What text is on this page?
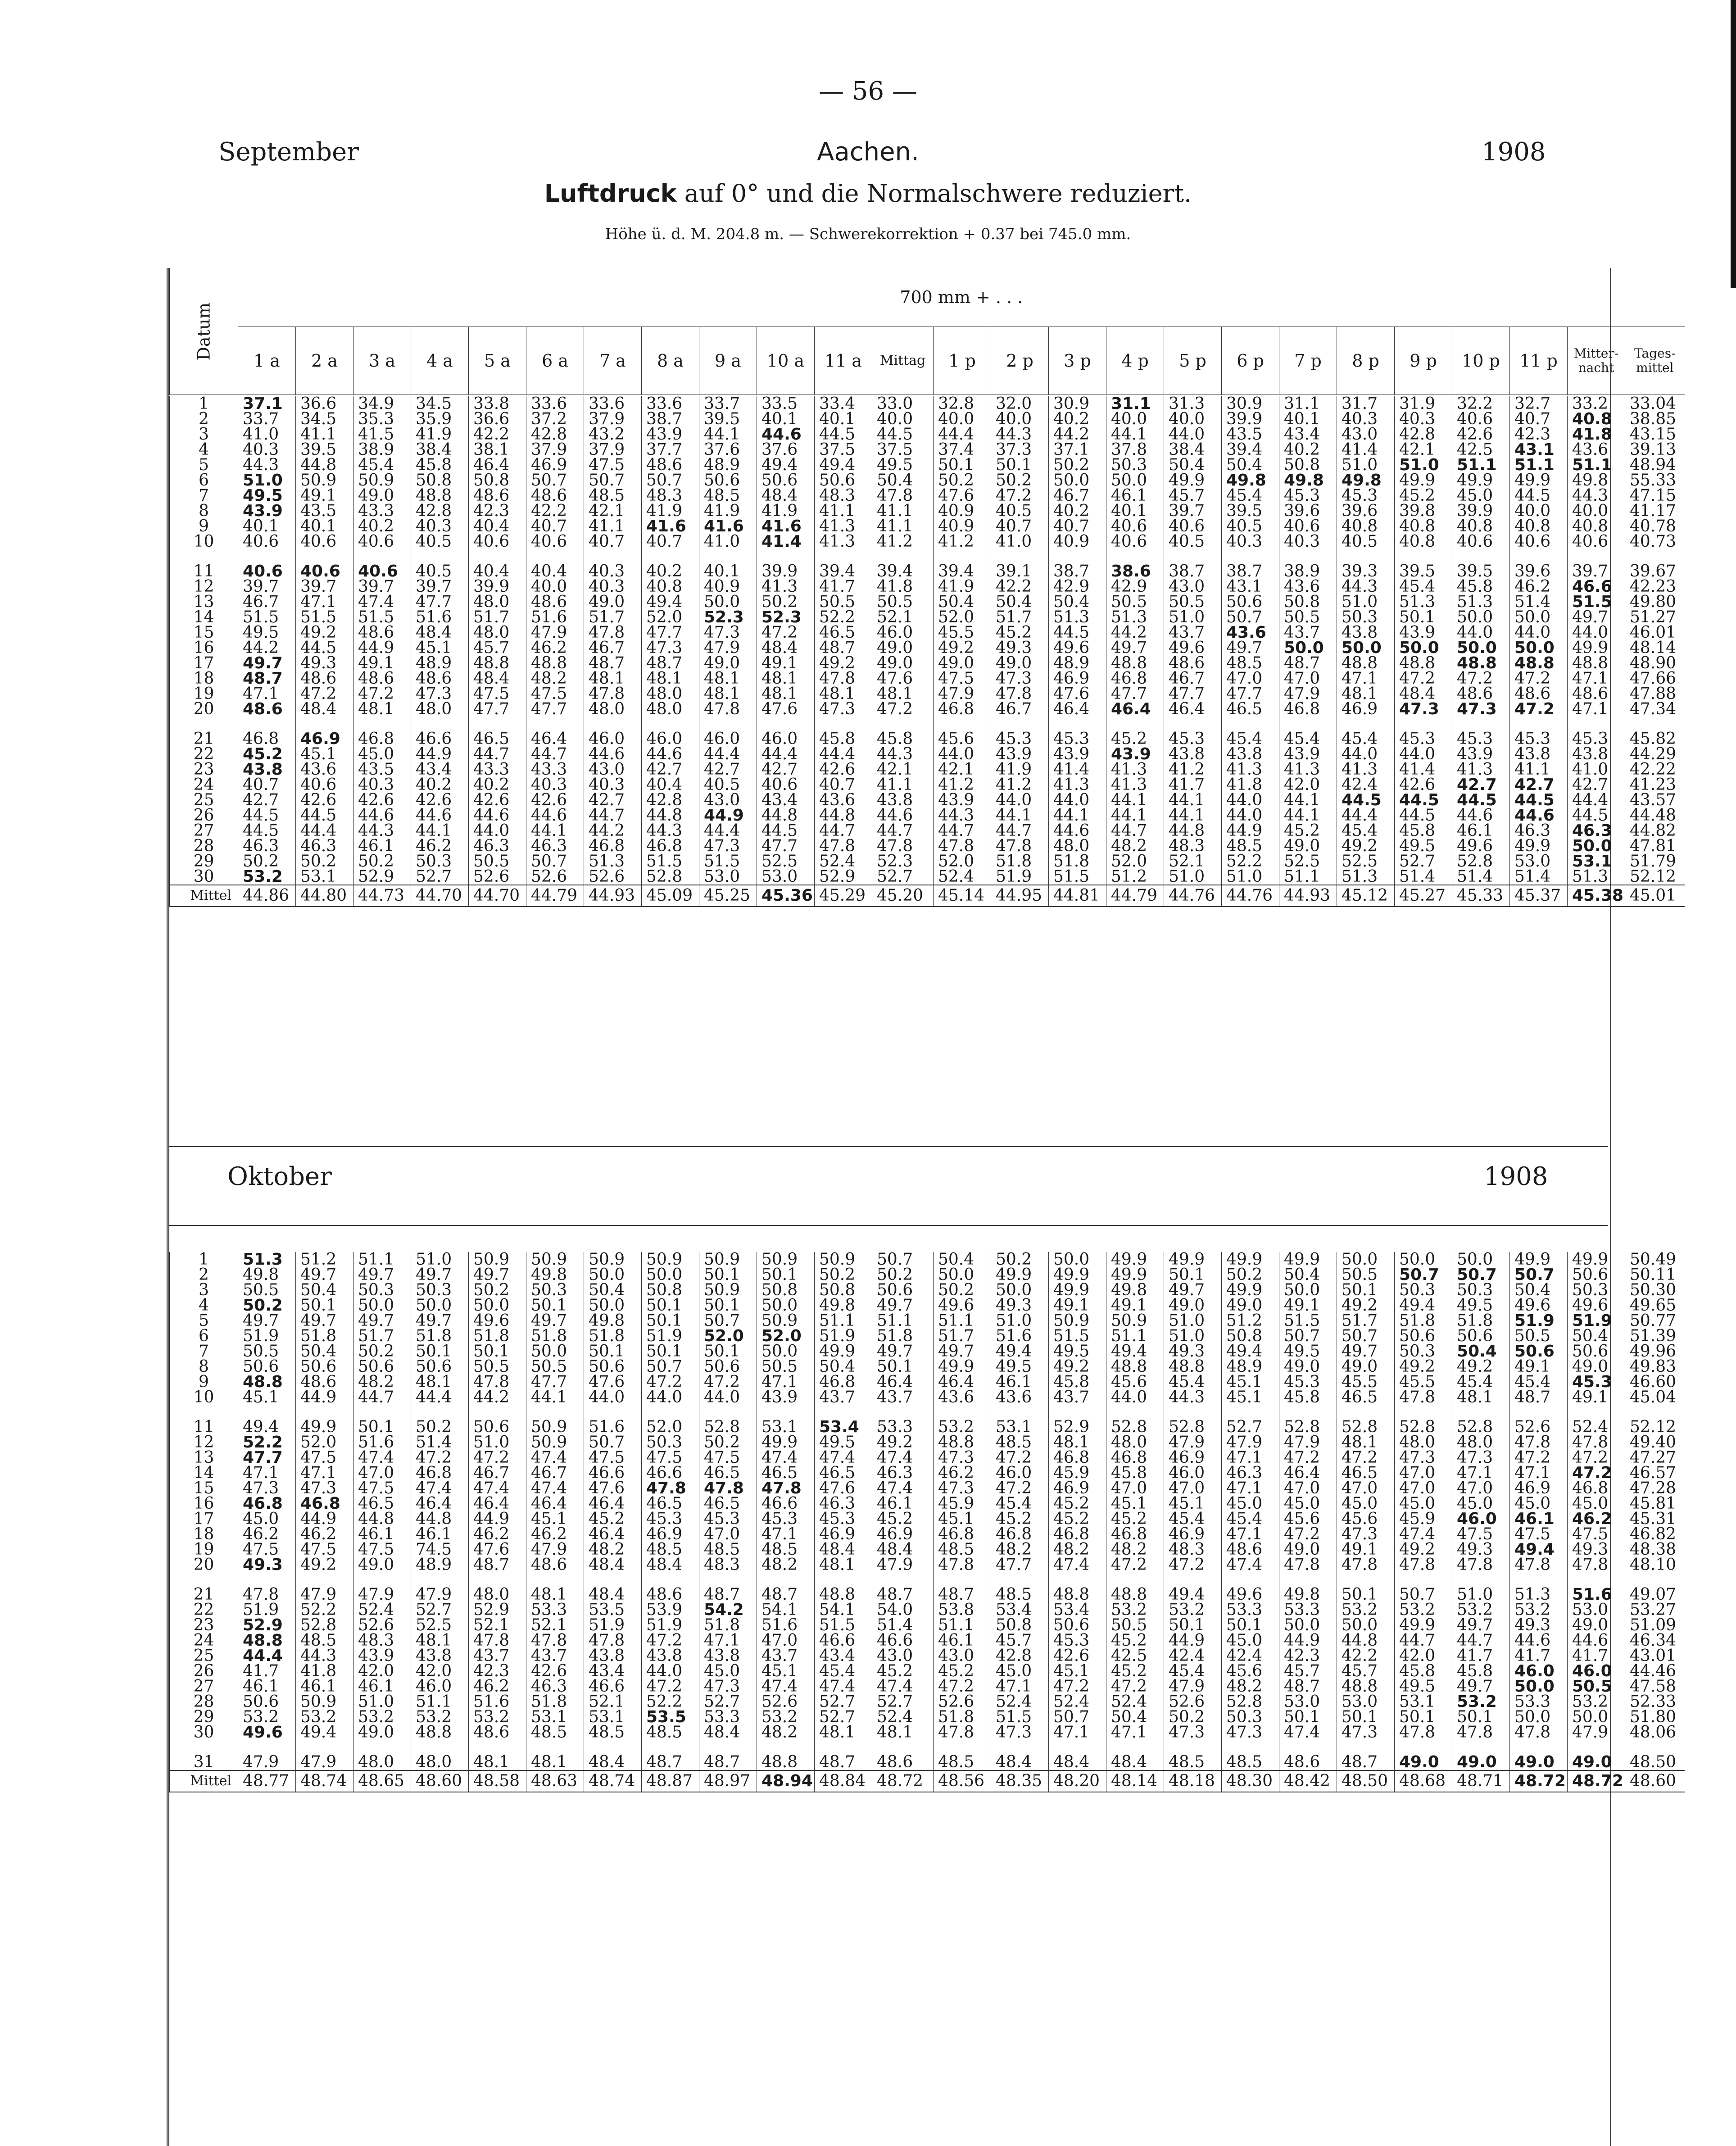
— 56 —
September	Aachen.	1908
Luftdruck auf 0° und die Normalschwere reduziert.
Höhe ü. d. M. 204.8 m. — Schwerekorrektion + 0.37 bei 745.0 mm.
Datum	700 mm + . . .																								
	1 a	2 a	3 a	4 a	5 a	6 a	7 a	8 a	9 a	10 a	11 a	Mittag	1 p	2 p	3 p	4 p	5 p	6 p	7 p	8 p	9 p	10 p	11 p	Mitter-nacht	Tages-mittel
1	37.1	36.6	34.9	34.5	33.8	33.6	33.6	33.6	33.7	33.5	33.4	33.0	32.8	32.0	30.9	31.1	31.3	30.9	31.1	31.7	31.9	32.2	32.7	33.2	33.04
2	33.7	34.5	35.3	35.9	36.6	37.2	37.9	38.7	39.5	40.1	40.1	40.0	40.0	40.0	40.2	40.0	40.0	39.9	40.1	40.3	40.3	40.6	40.7	40.8	38.85
3	41.0	41.1	41.5	41.9	42.2	42.8	43.2	43.9	44.1	44.6	44.5	44.5	44.4	44.3	44.2	44.1	44.0	43.5	43.4	43.0	42.8	42.6	42.3	41.8	43.15
4	40.3	39.5	38.9	38.4	38.1	37.9	37.9	37.7	37.6	37.6	37.5	37.5	37.4	37.3	37.1	37.8	38.4	39.4	40.2	41.4	42.1	42.5	43.1	43.6	39.13
5	44.3	44.8	45.4	45.8	46.4	46.9	47.5	48.6	48.9	49.4	49.4	49.5	50.1	50.1	50.2	50.3	50.4	50.4	50.8	51.0	51.0	51.1	51.1	51.1	48.94
6	51.0	50.9	50.9	50.8	50.8	50.7	50.7	50.7	50.6	50.6	50.6	50.4	50.2	50.2	50.0	50.0	49.9	49.8	49.8	49.8	49.9	49.9	49.9	49.8	55.33
7	49.5	49.1	49.0	48.8	48.6	48.6	48.5	48.3	48.5	48.4	48.3	47.8	47.6	47.2	46.7	46.1	45.7	45.4	45.3	45.3	45.2	45.0	44.5	44.3	47.15
8	43.9	43.5	43.3	42.8	42.3	42.2	42.1	41.9	41.9	41.9	41.1	41.1	40.9	40.5	40.2	40.1	39.7	39.5	39.6	39.6	39.8	39.9	40.0	40.0	41.17
9	40.1	40.1	40.2	40.3	40.4	40.7	41.1	41.6	41.6	41.6	41.3	41.1	40.9	40.7	40.7	40.6	40.6	40.5	40.6	40.8	40.8	40.8	40.8	40.8	40.78
10	40.6	40.6	40.6	40.5	40.6	40.6	40.7	40.7	41.0	41.4	41.3	41.2	41.2	41.0	40.9	40.6	40.5	40.3	40.3	40.5	40.8	40.6	40.6	40.6	40.73
11	40.6	40.6	40.6	40.5	40.4	40.4	40.3	40.2	40.1	39.9	39.4	39.4	39.4	39.1	38.7	38.6	38.7	38.7	38.9	39.3	39.5	39.5	39.6	39.7	39.67
12	39.7	39.7	39.7	39.7	39.9	40.0	40.3	40.8	40.9	41.3	41.7	41.8	41.9	42.2	42.9	42.9	43.0	43.1	43.6	44.3	45.4	45.8	46.2	46.6	42.23
13	46.7	47.1	47.4	47.7	48.0	48.6	49.0	49.4	50.0	50.2	50.5	50.5	50.4	50.4	50.4	50.5	50.5	50.6	50.8	51.0	51.3	51.3	51.4	51.5	49.80
14	51.5	51.5	51.5	51.6	51.7	51.6	51.7	52.0	52.3	52.3	52.2	52.1	52.0	51.7	51.3	51.3	51.0	50.7	50.5	50.3	50.1	50.0	50.0	49.7	51.27
15	49.5	49.2	48.6	48.4	48.0	47.9	47.8	47.7	47.3	47.2	46.5	46.0	45.5	45.2	44.5	44.2	43.7	43.6	43.7	43.8	43.9	44.0	44.0	44.0	46.01
16	44.2	44.5	44.9	45.1	45.7	46.2	46.7	47.3	47.9	48.4	48.7	49.0	49.2	49.3	49.6	49.7	49.6	49.7	50.0	50.0	50.0	50.0	50.0	49.9	48.14
17	49.7	49.3	49.1	48.9	48.8	48.8	48.7	48.7	49.0	49.1	49.2	49.0	49.0	49.0	48.9	48.8	48.6	48.5	48.7	48.8	48.8	48.8	48.8	48.8	48.90
18	48.7	48.6	48.6	48.6	48.4	48.2	48.1	48.1	48.1	48.1	47.8	47.6	47.5	47.3	46.9	46.8	46.7	47.0	47.0	47.1	47.2	47.2	47.2	47.1	47.66
19	47.1	47.2	47.2	47.3	47.5	47.5	47.8	48.0	48.1	48.1	48.1	48.1	47.9	47.8	47.6	47.7	47.7	47.7	47.9	48.1	48.4	48.6	48.6	48.6	47.88
20	48.6	48.4	48.1	48.0	47.7	47.7	48.0	48.0	47.8	47.6	47.3	47.2	46.8	46.7	46.4	46.4	46.4	46.5	46.8	46.9	47.3	47.3	47.2	47.1	47.34
21	46.8	46.9	46.8	46.6	46.5	46.4	46.0	46.0	46.0	46.0	45.8	45.8	45.6	45.3	45.3	45.2	45.3	45.4	45.4	45.4	45.3	45.3	45.3	45.3	45.82
22	45.2	45.1	45.0	44.9	44.7	44.7	44.6	44.6	44.4	44.4	44.4	44.3	44.0	43.9	43.9	43.9	43.8	43.8	43.9	44.0	44.0	43.9	43.8	43.8	44.29
23	43.8	43.6	43.5	43.4	43.3	43.3	43.0	42.7	42.7	42.7	42.6	42.1	42.1	41.9	41.4	41.3	41.2	41.3	41.3	41.3	41.4	41.3	41.1	41.0	42.22
24	40.7	40.6	40.3	40.2	40.2	40.3	40.3	40.4	40.5	40.6	40.7	41.1	41.2	41.2	41.3	41.3	41.7	41.8	42.0	42.4	42.6	42.7	42.7	42.7	41.23
25	42.7	42.6	42.6	42.6	42.6	42.6	42.7	42.8	43.0	43.4	43.6	43.8	43.9	44.0	44.0	44.1	44.1	44.0	44.1	44.5	44.5	44.5	44.5	44.4	43.57
26	44.5	44.5	44.6	44.6	44.6	44.6	44.7	44.8	44.9	44.8	44.8	44.6	44.3	44.1	44.1	44.1	44.1	44.0	44.1	44.4	44.5	44.6	44.6	44.5	44.48
27	44.5	44.4	44.3	44.1	44.0	44.1	44.2	44.3	44.4	44.5	44.7	44.7	44.7	44.7	44.6	44.7	44.8	44.9	45.2	45.4	45.8	46.1	46.3	46.3	44.82
28	46.3	46.3	46.1	46.2	46.3	46.3	46.8	46.8	47.3	47.7	47.8	47.8	47.8	47.8	48.0	48.2	48.3	48.5	49.0	49.2	49.5	49.6	49.9	50.0	47.81
29	50.2	50.2	50.2	50.3	50.5	50.7	51.3	51.5	51.5	52.5	52.4	52.3	52.0	51.8	51.8	52.0	52.1	52.2	52.5	52.5	52.7	52.8	53.0	53.1	51.79
30	53.2	53.1	52.9	52.7	52.6	52.6	52.6	52.8	53.0	53.0	52.9	52.7	52.4	51.9	51.5	51.2	51.0	51.0	51.1	51.3	51.4	51.4	51.4	51.3	52.12
Mittel	44.86	44.80	44.73	44.70	44.70	44.79	44.93	45.09	45.25	45.36	45.29	45.20	45.14	44.95	44.81	44.79	44.76	44.76	44.93	45.12	45.27	45.33	45.37	45.38	45.01
Oktober	1908
1	51.3	51.2	51.1	51.0	50.9	50.9	50.9	50.9	50.9	50.9	50.9	50.7	50.4	50.2	50.0	49.9	49.9	49.9	49.9	50.0	50.0	50.0	49.9	49.9	50.49
2	49.8	49.7	49.7	49.7	49.7	49.8	50.0	50.0	50.1	50.1	50.2	50.2	50.0	49.9	49.9	49.9	50.1	50.2	50.4	50.5	50.7	50.7	50.7	50.6	50.11
3	50.5	50.4	50.3	50.3	50.2	50.3	50.4	50.8	50.9	50.8	50.8	50.6	50.2	50.0	49.9	49.8	49.7	49.9	50.0	50.1	50.3	50.3	50.4	50.3	50.30
4	50.2	50.1	50.0	50.0	50.0	50.1	50.0	50.1	50.1	50.0	49.8	49.7	49.6	49.3	49.1	49.1	49.0	49.0	49.1	49.2	49.4	49.5	49.6	49.6	49.65
5	49.7	49.7	49.7	49.7	49.6	49.7	49.8	50.1	50.7	50.9	51.1	51.1	51.1	51.0	50.9	50.9	51.0	51.2	51.5	51.7	51.8	51.8	51.9	51.9	50.77
6	51.9	51.8	51.7	51.8	51.8	51.8	51.8	51.9	52.0	52.0	51.9	51.8	51.7	51.6	51.5	51.1	51.0	50.8	50.7	50.7	50.6	50.6	50.5	50.4	51.39
7	50.5	50.4	50.2	50.1	50.1	50.0	50.1	50.1	50.1	50.0	49.9	49.7	49.7	49.4	49.5	49.4	49.3	49.4	49.5	49.7	50.3	50.4	50.6	50.6	49.96
8	50.6	50.6	50.6	50.6	50.5	50.5	50.6	50.7	50.6	50.5	50.4	50.1	49.9	49.5	49.2	48.8	48.8	48.9	49.0	49.0	49.2	49.2	49.1	49.0	49.83
9	48.8	48.6	48.2	48.1	47.8	47.7	47.6	47.2	47.2	47.1	46.8	46.4	46.4	46.1	45.8	45.6	45.4	45.1	45.3	45.5	45.5	45.4	45.4	45.3	46.60
10	45.1	44.9	44.7	44.4	44.2	44.1	44.0	44.0	44.0	43.9	43.7	43.7	43.6	43.6	43.7	44.0	44.3	45.1	45.8	46.5	47.8	48.1	48.7	49.1	45.04
11	49.4	49.9	50.1	50.2	50.6	50.9	51.6	52.0	52.8	53.1	53.4	53.3	53.2	53.1	52.9	52.8	52.8	52.7	52.8	52.8	52.8	52.8	52.6	52.4	52.12
12	52.2	52.0	51.6	51.4	51.0	50.9	50.7	50.3	50.2	49.9	49.5	49.2	48.8	48.5	48.1	48.0	47.9	47.9	47.9	48.1	48.0	48.0	47.8	47.8	49.40
13	47.7	47.5	47.4	47.2	47.2	47.4	47.5	47.5	47.5	47.4	47.4	47.4	47.3	47.2	46.8	46.8	46.9	47.1	47.2	47.2	47.3	47.3	47.2	47.2	47.27
14	47.1	47.1	47.0	46.8	46.7	46.7	46.6	46.6	46.5	46.5	46.5	46.3	46.2	46.0	45.9	45.8	46.0	46.3	46.4	46.5	47.0	47.1	47.1	47.2	46.57
15	47.3	47.3	47.5	47.4	47.4	47.4	47.6	47.8	47.8	47.8	47.6	47.4	47.3	47.2	46.9	47.0	47.0	47.1	47.0	47.0	47.0	47.0	46.9	46.8	47.28
16	46.8	46.8	46.5	46.4	46.4	46.4	46.4	46.5	46.5	46.6	46.3	46.1	45.9	45.4	45.2	45.1	45.1	45.0	45.0	45.0	45.0	45.0	45.0	45.0	45.81
17	45.0	44.9	44.8	44.8	44.9	45.1	45.2	45.3	45.3	45.3	45.3	45.2	45.1	45.2	45.2	45.2	45.4	45.4	45.6	45.6	45.9	46.0	46.1	46.2	45.31
18	46.2	46.2	46.1	46.1	46.2	46.2	46.4	46.9	47.0	47.1	46.9	46.9	46.8	46.8	46.8	46.8	46.9	47.1	47.2	47.3	47.4	47.5	47.5	47.5	46.82
19	47.5	47.5	47.5	74.5	47.6	47.9	48.2	48.5	48.5	48.5	48.4	48.4	48.5	48.2	48.2	48.2	48.3	48.6	49.0	49.1	49.2	49.3	49.4	49.3	48.38
20	49.3	49.2	49.0	48.9	48.7	48.6	48.4	48.4	48.3	48.2	48.1	47.9	47.8	47.7	47.4	47.2	47.2	47.4	47.8	47.8	47.8	47.8	47.8	47.8	48.10
21	47.8	47.9	47.9	47.9	48.0	48.1	48.4	48.6	48.7	48.7	48.8	48.7	48.7	48.5	48.8	48.8	49.4	49.6	49.8	50.1	50.7	51.0	51.3	51.6	49.07
22	51.9	52.2	52.4	52.7	52.9	53.3	53.5	53.9	54.2	54.1	54.1	54.0	53.8	53.4	53.4	53.2	53.2	53.3	53.3	53.2	53.2	53.2	53.2	53.0	53.27
23	52.9	52.8	52.6	52.5	52.1	52.1	51.9	51.9	51.8	51.6	51.5	51.4	51.1	50.8	50.6	50.5	50.1	50.1	50.0	50.0	49.9	49.7	49.3	49.0	51.09
24	48.8	48.5	48.3	48.1	47.8	47.8	47.8	47.2	47.1	47.0	46.6	46.6	46.1	45.7	45.3	45.2	44.9	45.0	44.9	44.8	44.7	44.7	44.6	44.6	46.34
25	44.4	44.3	43.9	43.8	43.7	43.7	43.8	43.8	43.8	43.7	43.4	43.0	43.0	42.8	42.6	42.5	42.4	42.4	42.3	42.2	42.0	41.7	41.7	41.7	43.01
26	41.7	41.8	42.0	42.0	42.3	42.6	43.4	44.0	45.0	45.1	45.4	45.2	45.2	45.0	45.1	45.2	45.4	45.6	45.7	45.7	45.8	45.8	46.0	46.0	44.46
27	46.1	46.1	46.1	46.0	46.2	46.3	46.6	47.2	47.3	47.4	47.4	47.4	47.2	47.1	47.2	47.2	47.9	48.2	48.7	48.8	49.5	49.7	50.0	50.5	47.58
28	50.6	50.9	51.0	51.1	51.6	51.8	52.1	52.2	52.7	52.6	52.7	52.7	52.6	52.4	52.4	52.4	52.6	52.8	53.0	53.0	53.1	53.2	53.3	53.2	52.33
29	53.2	53.2	53.2	53.2	53.2	53.1	53.1	53.5	53.3	53.2	52.7	52.4	51.8	51.5	50.7	50.4	50.2	50.3	50.1	50.1	50.1	50.1	50.0	50.0	51.80
30	49.6	49.4	49.0	48.8	48.6	48.5	48.5	48.5	48.4	48.2	48.1	48.1	47.8	47.3	47.1	47.1	47.3	47.3	47.4	47.3	47.8	47.8	47.8	47.9	48.06
31	47.9	47.9	48.0	48.0	48.1	48.1	48.4	48.7	48.7	48.8	48.7	48.6	48.5	48.4	48.4	48.4	48.5	48.5	48.6	48.7	49.0	49.0	49.0	49.0	48.50
Mittel	48.77	48.74	48.65	48.60	48.58	48.63	48.74	48.87	48.97	48.94	48.84	48.72	48.56	48.35	48.20	48.14	48.18	48.30	48.42	48.50	48.68	48.71	48.72	48.72	48.60
